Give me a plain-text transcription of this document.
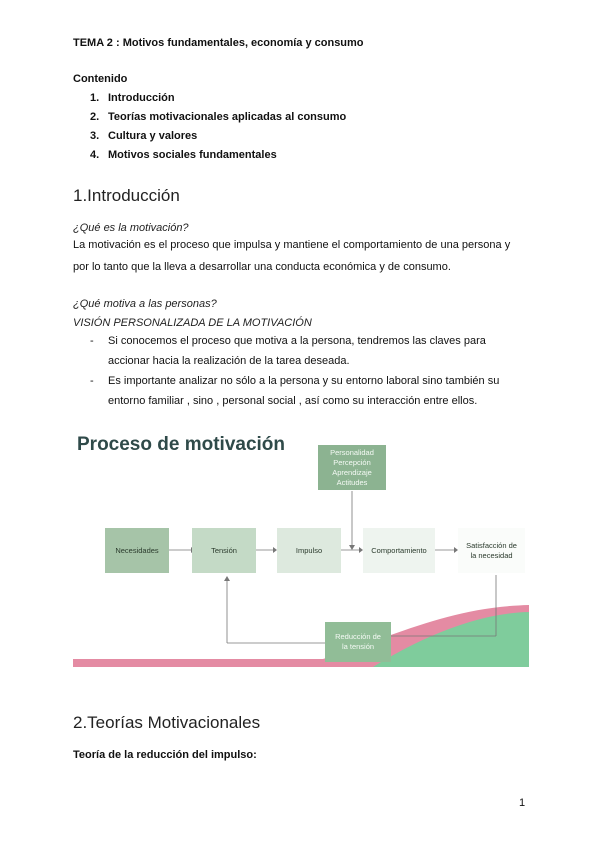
TEMA 2 : Motivos fundamentales, economía y consumo
Contenido
1. Introducción
2. Teorías motivacionales aplicadas al consumo
3. Cultura y valores
4. Motivos sociales fundamentales
1.Introducción
¿Qué es la motivación?
La motivación es el proceso que impulsa y mantiene el comportamiento de una persona y
por lo tanto que la lleva a desarrollar una conducta económica y de consumo.
¿Qué motiva a las personas?
VISIÓN PERSONALIZADA DE LA MOTIVACIÓN
- Si conocemos el proceso que motiva a la persona, tendremos las claves para
accionar hacia la realización de la tarea deseada.
- Es importante analizar no sólo a la persona y su entorno laboral sino también su
entorno familiar , sino , personal social , así como su interacción entre ellos.
Proceso de motivación	Personalidad
Percepción
Aprendizaje
Actitudes
Necesidades	Tensión	Impulso	Comportamiento
Satisfacción de
la necesidad
Reducción de
la tensión
2.Teorías Motivacionales
Teoría de la reducción del impulso:
1
